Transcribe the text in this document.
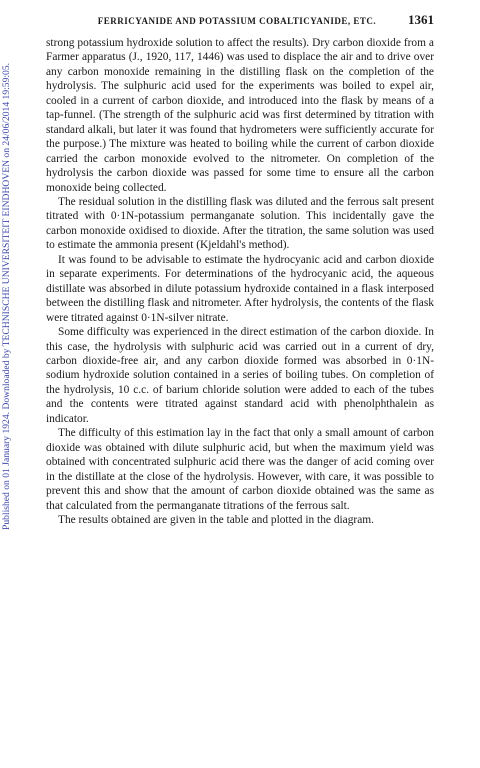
Published on 01 January 1924. Downloaded by TECHNISCHE UNIVERSITEIT EINDHOVEN on 24/06/2014 19:59:05.
FERRICYANIDE AND POTASSIUM COBALTICYANIDE, ETC.	1361

strong potassium hydroxide solution to affect the results). Dry carbon dioxide from a Farmer apparatus (J., 1920, 117, 1446) was used to displace the air and to drive over any carbon monoxide remaining in the distilling flask on the completion of the hydrolysis. The sulphuric acid used for the experiments was boiled to expel air, cooled in a current of carbon dioxide, and introduced into the flask by means of a tap-funnel. (The strength of the sulphuric acid was first determined by titration with standard alkali, but later it was found that hydrometers were sufficiently accurate for the purpose.) The mixture was heated to boiling while the current of carbon dioxide carried the carbon monoxide evolved to the nitrometer. On completion of the hydrolysis the carbon dioxide was passed for some time to ensure all the carbon monoxide being collected.

The residual solution in the distilling flask was diluted and the ferrous salt present titrated with 0·1N-potassium permanganate solution. This incidentally gave the carbon monoxide oxidised to dioxide. After the titration, the same solution was used to estimate the ammonia present (Kjeldahl's method).

It was found to be advisable to estimate the hydrocyanic acid and carbon dioxide in separate experiments. For determinations of the hydrocyanic acid, the aqueous distillate was absorbed in dilute potassium hydroxide contained in a flask interposed between the distilling flask and nitrometer. After hydrolysis, the contents of the flask were titrated against 0·1N-silver nitrate.

Some difficulty was experienced in the direct estimation of the carbon dioxide. In this case, the hydrolysis with sulphuric acid was carried out in a current of dry, carbon dioxide-free air, and any carbon dioxide formed was absorbed in 0·1N-sodium hydroxide solution contained in a series of boiling tubes. On completion of the hydrolysis, 10 c.c. of barium chloride solution were added to each of the tubes and the contents were titrated against standard acid with phenolphthalein as indicator.

The difficulty of this estimation lay in the fact that only a small amount of carbon dioxide was obtained with dilute sulphuric acid, but when the maximum yield was obtained with concentrated sulphuric acid there was the danger of acid coming over in the distillate at the close of the hydrolysis. However, with care, it was possible to prevent this and show that the amount of carbon dioxide obtained was the same as that calculated from the permanganate titrations of the ferrous salt.

The results obtained are given in the table and plotted in the diagram.
